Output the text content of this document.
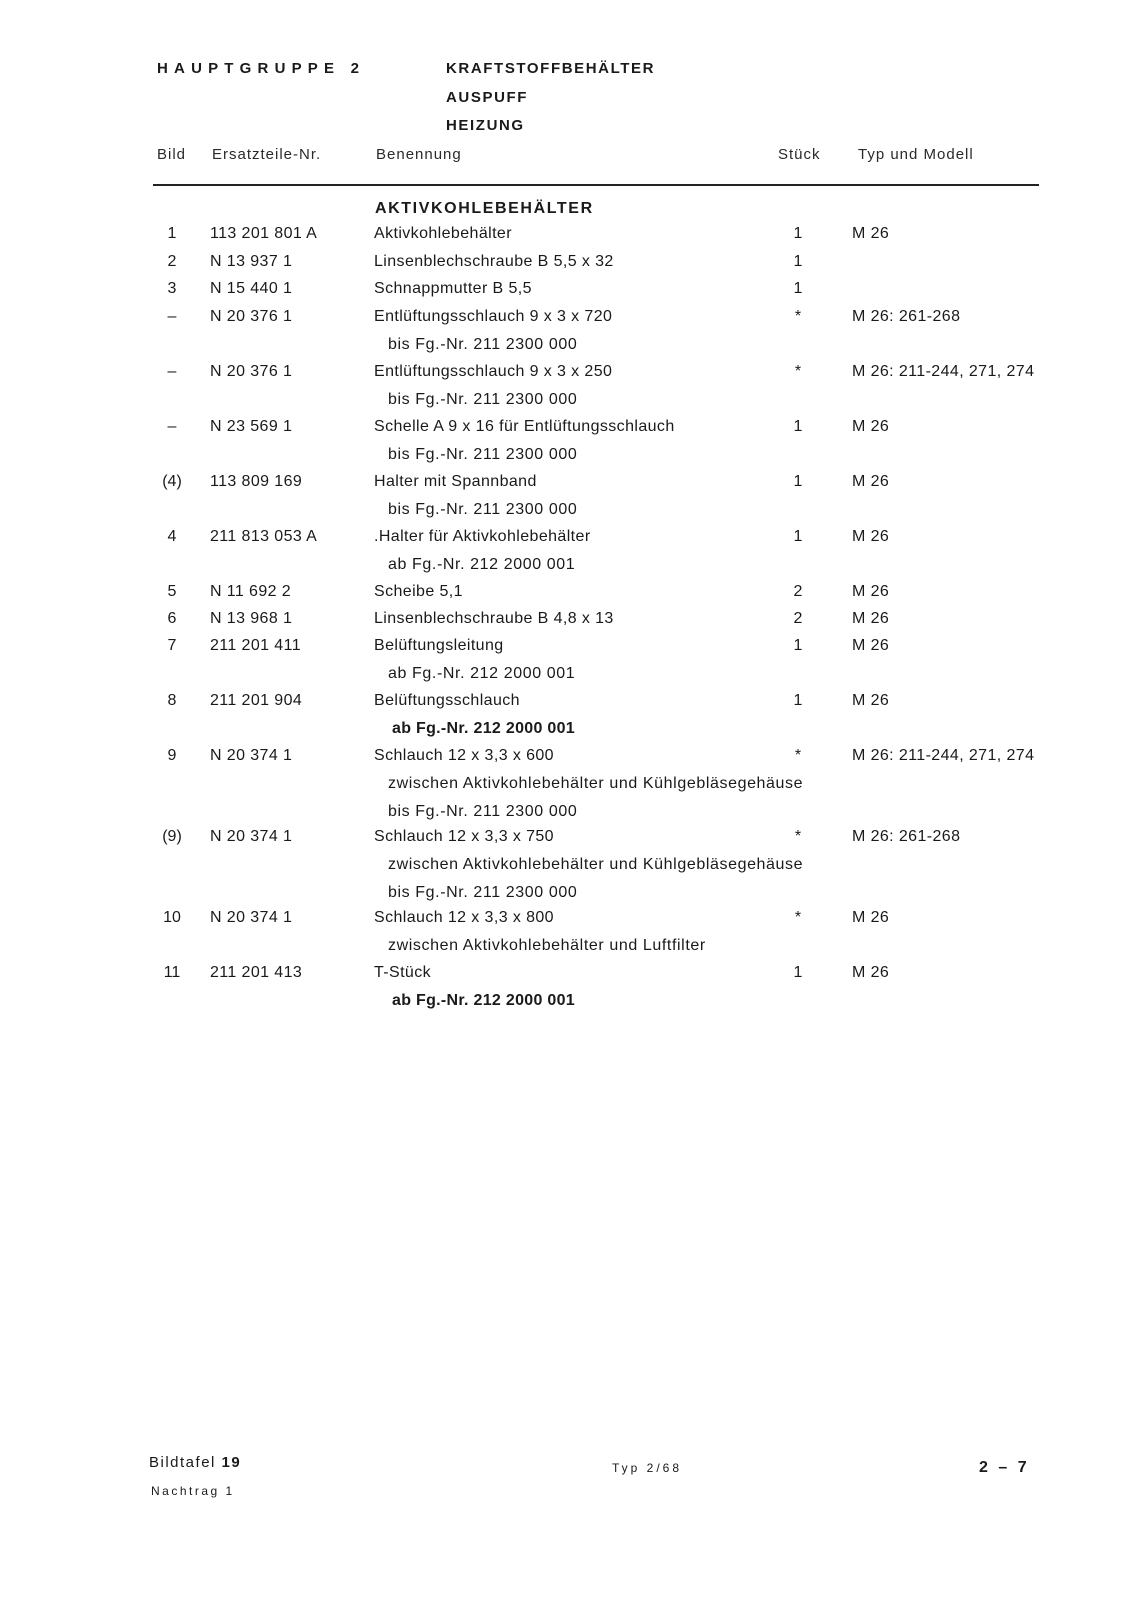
HAUPTGRUPPE 2	KRAFTSTOFFBEHÄLTER
AUSPUFF
HEIZUNG
Bild Ersatzteile-Nr.	Benennung	Stück Typ und Modell
AKTIVKOHLEBEHÄLTER
1	113 201 801 A	Aktivkohlebehälter	1	M 26
2	N 13 937 1	Linsenblechschraube B 5,5 x 32	1
3	N 15 440 1	Schnappmutter B 5,5	1
–	N 20 376 1	Entlüftungsschlauch 9 x 3 x 720	*	M 26: 261-268
bis Fg.-Nr. 211 2300 000
–	N 20 376 1	Entlüftungsschlauch 9 x 3 x 250	*	M 26: 211-244, 271, 274
bis Fg.-Nr. 211 2300 000
–	N 23 569 1	Schelle A 9 x 16 für Entlüftungsschlauch	1	M 26
bis Fg.-Nr. 211 2300 000
(4)	113 809 169	Halter mit Spannband	1	M 26
bis Fg.-Nr. 211 2300 000
4	211 813 053 A	.Halter für Aktivkohlebehälter	1	M 26
ab Fg.-Nr. 212 2000 001
5	N 11 692 2	Scheibe 5,1	2	M 26
6	N 13 968 1	Linsenblechschraube B 4,8 x 13	2	M 26
7	211 201 411	Belüftungsleitung	1	M 26
ab Fg.-Nr. 212 2000 001
8	211 201 904	Belüftungsschlauch	1	M 26
ab Fg.-Nr. 212 2000 001
9	N 20 374 1	Schlauch 12 x 3,3 x 600	*	M 26: 211-244, 271, 274
zwischen Aktivkohlebehälter und Kühlgebläsegehäuse
bis Fg.-Nr. 211 2300 000
(9)	N 20 374 1	Schlauch 12 x 3,3 x 750	*	M 26: 261-268
zwischen Aktivkohlebehälter und Kühlgebläsegehäuse
bis Fg.-Nr. 211 2300 000
10	N 20 374 1	Schlauch 12 x 3,3 x 800	*	M 26
zwischen Aktivkohlebehälter und Luftfilter
11	211 201 413	T-Stück	1	M 26
ab Fg.-Nr. 212 2000 001
Bildtafel 19
Nachtrag 1
Typ 2/68	2 – 7
